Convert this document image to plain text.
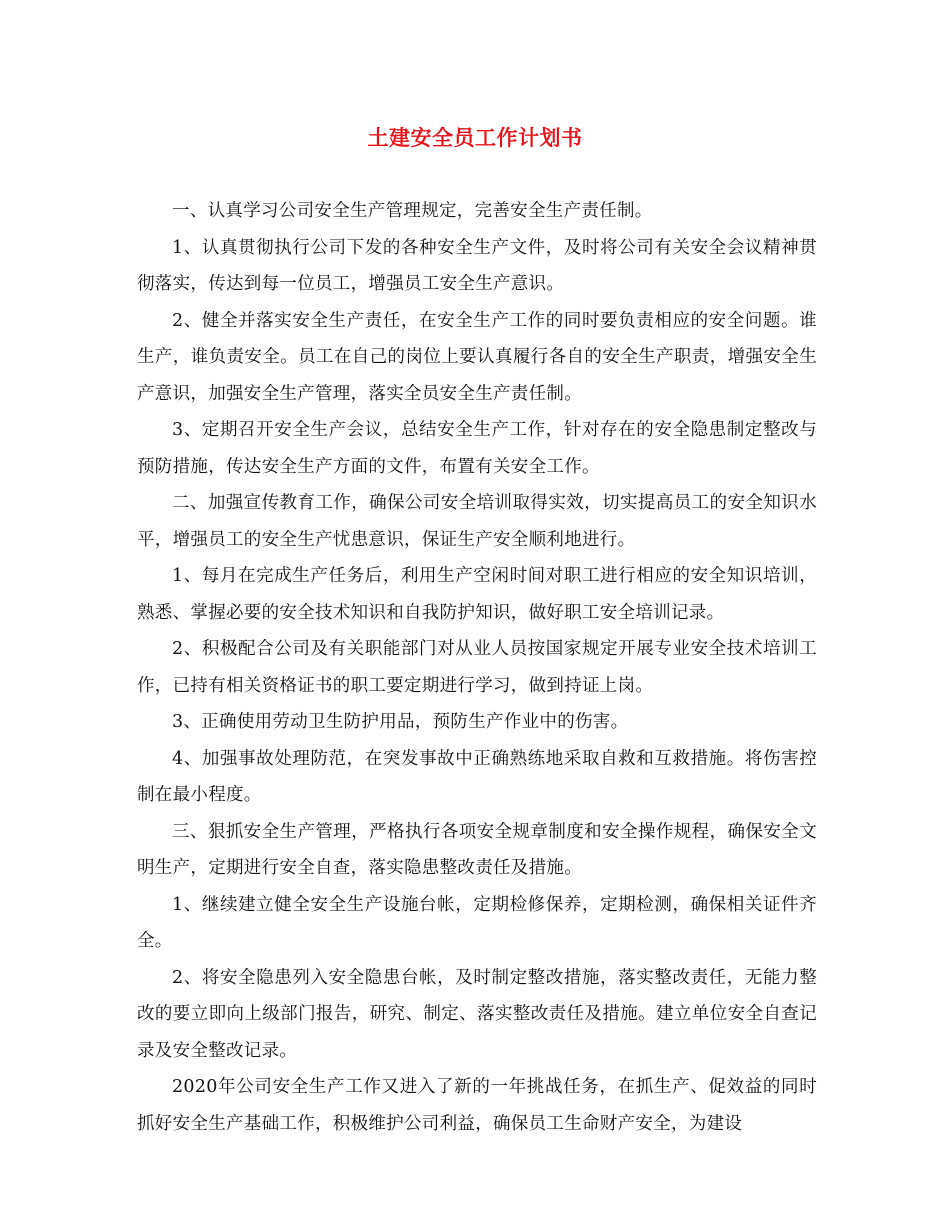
土建安全员工作计划书

一、认真学习公司安全生产管理规定，完善安全生产责任制。

1、认真贯彻执行公司下发的各种安全生产文件，及时将公司有关安全会议精神贯彻落实，传达到每一位员工，增强员工安全生产意识。

2、健全并落实安全生产责任，在安全生产工作的同时要负责相应的安全问题。谁生产，谁负责安全。员工在自己的岗位上要认真履行各自的安全生产职责，增强安全生产意识，加强安全生产管理，落实全员安全生产责任制。

3、定期召开安全生产会议，总结安全生产工作，针对存在的安全隐患制定整改与预防措施，传达安全生产方面的文件，布置有关安全工作。

二、加强宣传教育工作，确保公司安全培训取得实效，切实提高员工的安全知识水平，增强员工的安全生产忧患意识，保证生产安全顺利地进行。

1、每月在完成生产任务后，利用生产空闲时间对职工进行相应的安全知识培训，熟悉、掌握必要的安全技术知识和自我防护知识，做好职工安全培训记录。

2、积极配合公司及有关职能部门对从业人员按国家规定开展专业安全技术培训工作，已持有相关资格证书的职工要定期进行学习，做到持证上岗。

3、正确使用劳动卫生防护用品，预防生产作业中的伤害。

4、加强事故处理防范，在突发事故中正确熟练地采取自救和互救措施。将伤害控制在最小程度。

三、狠抓安全生产管理，严格执行各项安全规章制度和安全操作规程，确保安全文明生产，定期进行安全自查，落实隐患整改责任及措施。

1、继续建立健全安全生产设施台帐，定期检修保养，定期检测，确保相关证件齐全。

2、将安全隐患列入安全隐患台帐，及时制定整改措施，落实整改责任，无能力整改的要立即向上级部门报告，研究、制定、落实整改责任及措施。建立单位安全自查记录及安全整改记录。

2020年公司安全生产工作又进入了新的一年挑战任务，在抓生产、促效益的同时抓好安全生产基础工作，积极维护公司利益，确保员工生命财产安全，为建设
